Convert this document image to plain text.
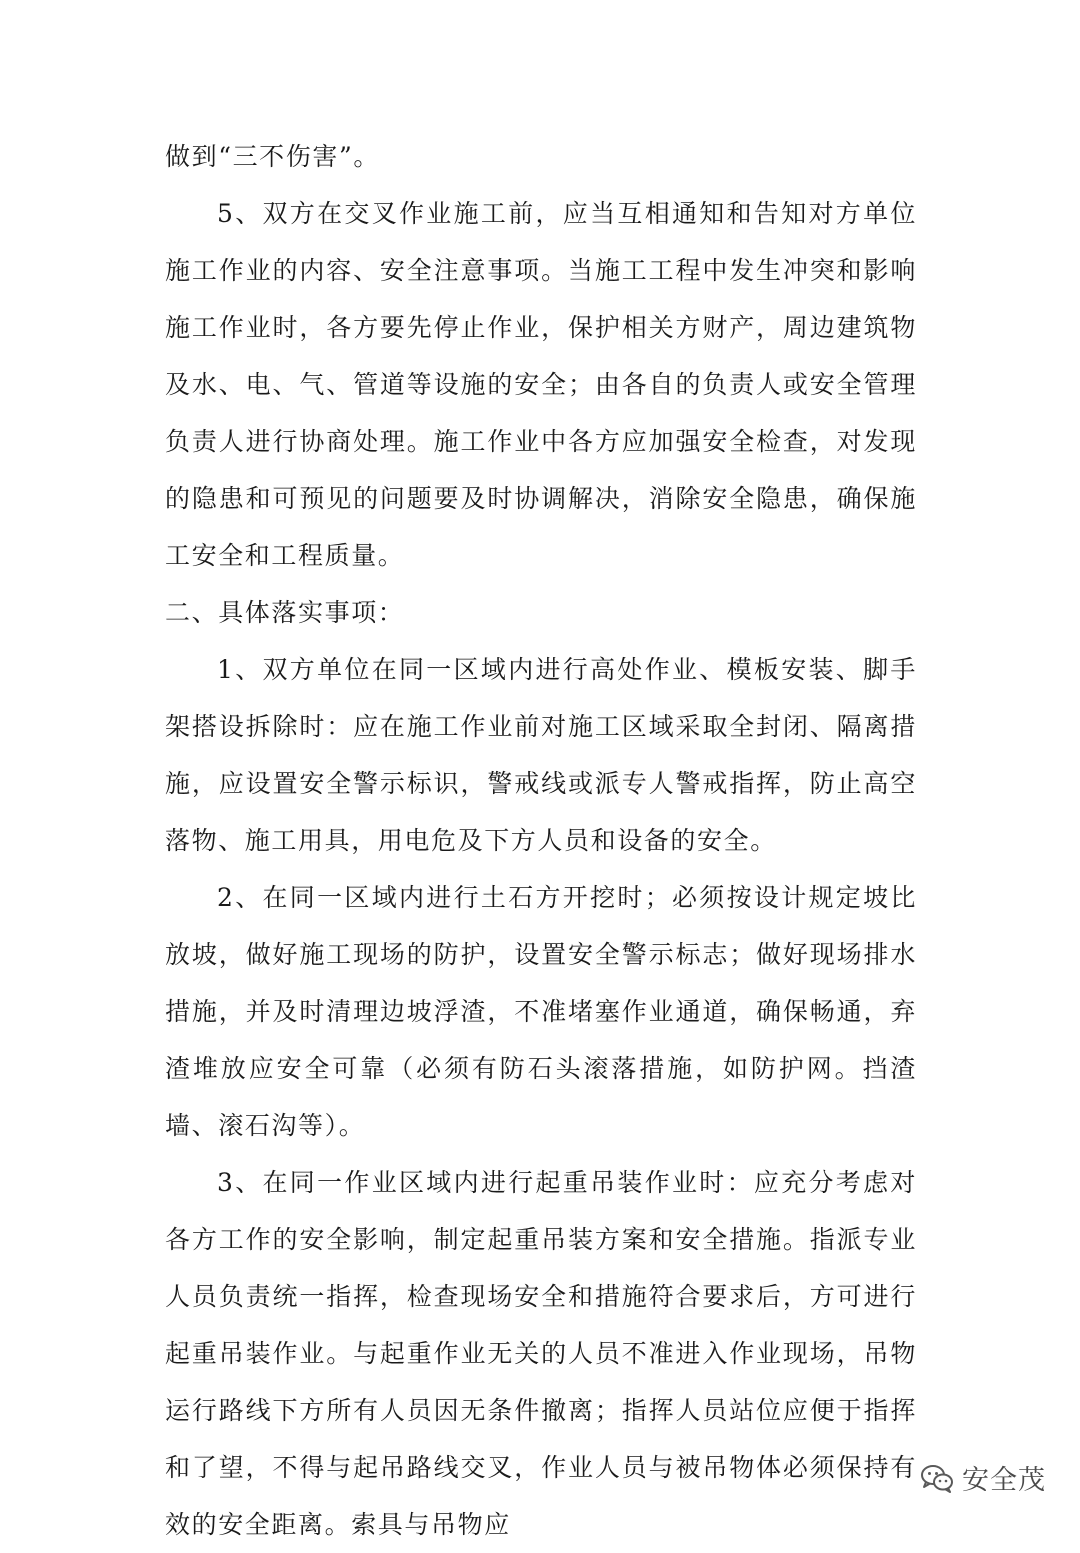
做到“三不伤害”。

5、双方在交叉作业施工前，应当互相通知和告知对方单位施工作业的内容、安全注意事项。当施工工程中发生冲突和影响施工作业时，各方要先停止作业，保护相关方财产，周边建筑物及水、电、气、管道等设施的安全；由各自的负责人或安全管理负责人进行协商处理。施工作业中各方应加强安全检查，对发现的隐患和可预见的问题要及时协调解决，消除安全隐患，确保施工安全和工程质量。

二、具体落实事项：

1、双方单位在同一区域内进行高处作业、模板安装、脚手架搭设拆除时：应在施工作业前对施工区域采取全封闭、隔离措施，应设置安全警示标识，警戒线或派专人警戒指挥，防止高空落物、施工用具，用电危及下方人员和设备的安全。

2、在同一区域内进行土石方开挖时；必须按设计规定坡比放坡，做好施工现场的防护，设置安全警示标志；做好现场排水措施，并及时清理边坡浮渣，不准堵塞作业通道，确保畅通，弃渣堆放应安全可靠（必须有防石头滚落措施，如防护网。挡渣墙、滚石沟等）。

3、在同一作业区域内进行起重吊装作业时：应充分考虑对各方工作的安全影响，制定起重吊装方案和安全措施。指派专业人员负责统一指挥，检查现场安全和措施符合要求后，方可进行起重吊装作业。与起重作业无关的人员不准进入作业现场，吊物运行路线下方所有人员因无条件撤离；指挥人员站位应便于指挥和了望，不得与起吊路线交叉，作业人员与被吊物体必须保持有效的安全距离。索具与吊物应

安全茂
